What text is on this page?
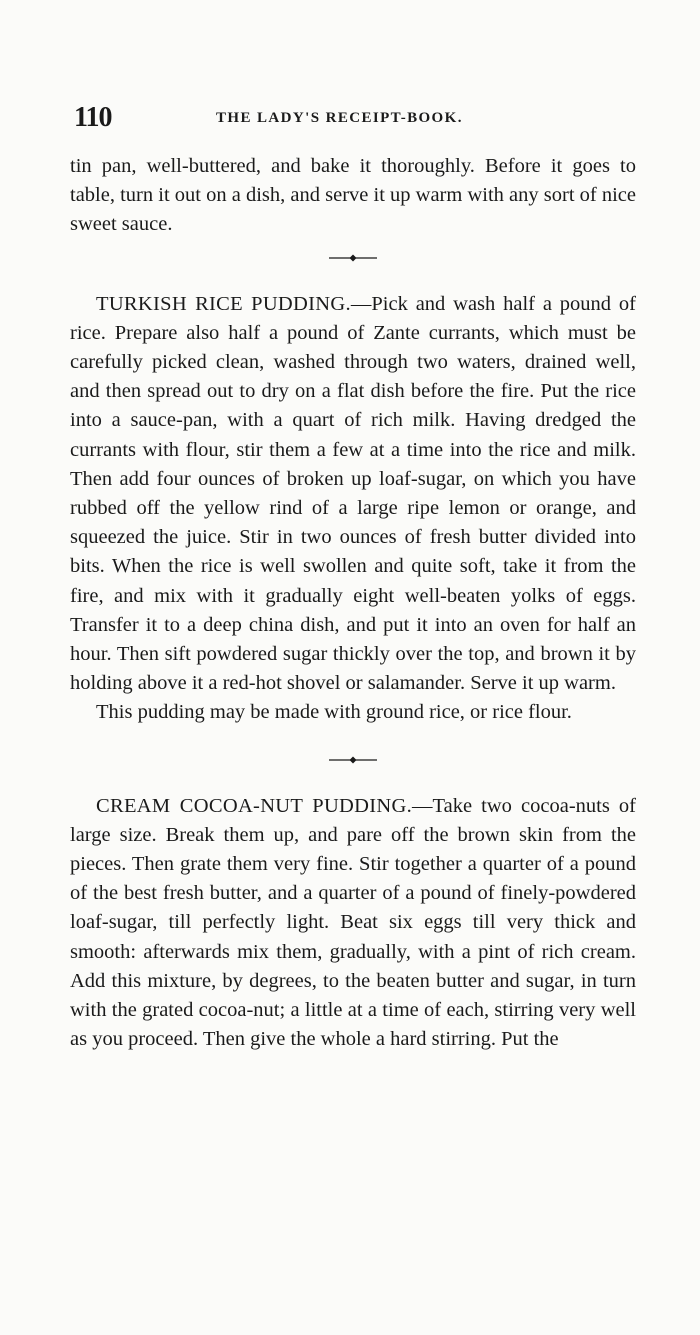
110	THE LADY'S RECEIPT-BOOK.

tin pan, well-buttered, and bake it thoroughly. Before it goes to table, turn it out on a dish, and serve it up warm with any sort of nice sweet sauce.

TURKISH RICE PUDDING.—Pick and wash half a pound of rice. Prepare also half a pound of Zante currants, which must be carefully picked clean, washed through two waters, drained well, and then spread out to dry on a flat dish before the fire. Put the rice into a sauce-pan, with a quart of rich milk. Having dredged the currants with flour, stir them a few at a time into the rice and milk. Then add four ounces of broken up loaf-sugar, on which you have rubbed off the yellow rind of a large ripe lemon or orange, and squeezed the juice. Stir in two ounces of fresh butter divided into bits. When the rice is well swollen and quite soft, take it from the fire, and mix with it gradually eight well-beaten yolks of eggs. Transfer it to a deep china dish, and put it into an oven for half an hour. Then sift powdered sugar thickly over the top, and brown it by holding above it a red-hot shovel or salamander. Serve it up warm.

This pudding may be made with ground rice, or rice flour.

CREAM COCOA-NUT PUDDING.—Take two cocoa-nuts of large size. Break them up, and pare off the brown skin from the pieces. Then grate them very fine. Stir together a quarter of a pound of the best fresh butter, and a quarter of a pound of finely-powdered loaf-sugar, till perfectly light. Beat six eggs till very thick and smooth: afterwards mix them, gradually, with a pint of rich cream. Add this mixture, by degrees, to the beaten butter and sugar, in turn with the grated cocoa-nut; a little at a time of each, stirring very well as you proceed. Then give the whole a hard stirring. Put the
